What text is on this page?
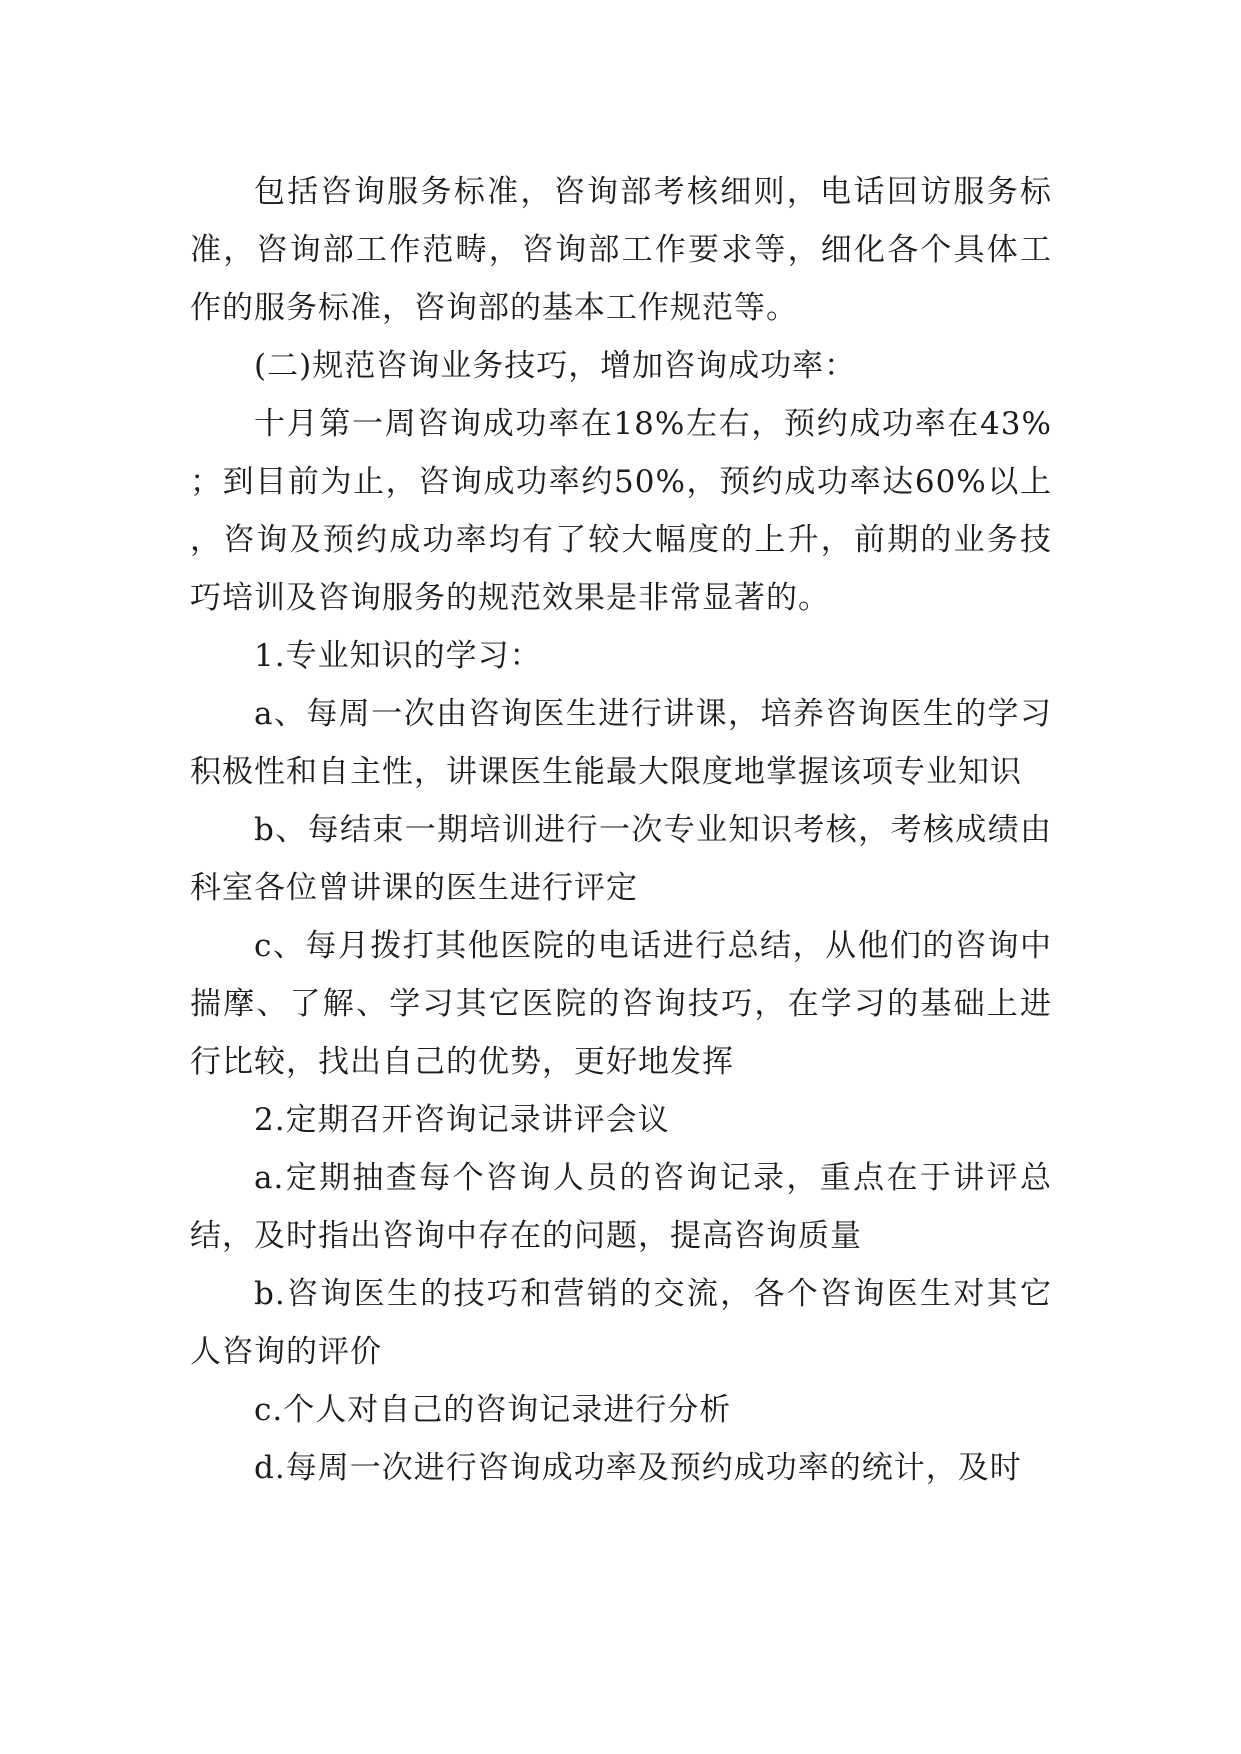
包括咨询服务标准，咨询部考核细则，电话回访服务标准，咨询部工作范畴，咨询部工作要求等，细化各个具体工作的服务标准，咨询部的基本工作规范等。

(二)规范咨询业务技巧，增加咨询成功率：

十月第一周咨询成功率在18%左右，预约成功率在43%；到目前为止，咨询成功率约50%，预约成功率达60%以上，咨询及预约成功率均有了较大幅度的上升，前期的业务技巧培训及咨询服务的规范效果是非常显著的。

1.专业知识的学习：

a、每周一次由咨询医生进行讲课，培养咨询医生的学习积极性和自主性，讲课医生能最大限度地掌握该项专业知识

b、每结束一期培训进行一次专业知识考核，考核成绩由科室各位曾讲课的医生进行评定

c、每月拨打其他医院的电话进行总结，从他们的咨询中揣摩、了解、学习其它医院的咨询技巧，在学习的基础上进行比较，找出自己的优势，更好地发挥

2.定期召开咨询记录讲评会议

a.定期抽查每个咨询人员的咨询记录，重点在于讲评总结，及时指出咨询中存在的问题，提高咨询质量

b.咨询医生的技巧和营销的交流，各个咨询医生对其它人咨询的评价

c.个人对自己的咨询记录进行分析

d.每周一次进行咨询成功率及预约成功率的统计，及时
